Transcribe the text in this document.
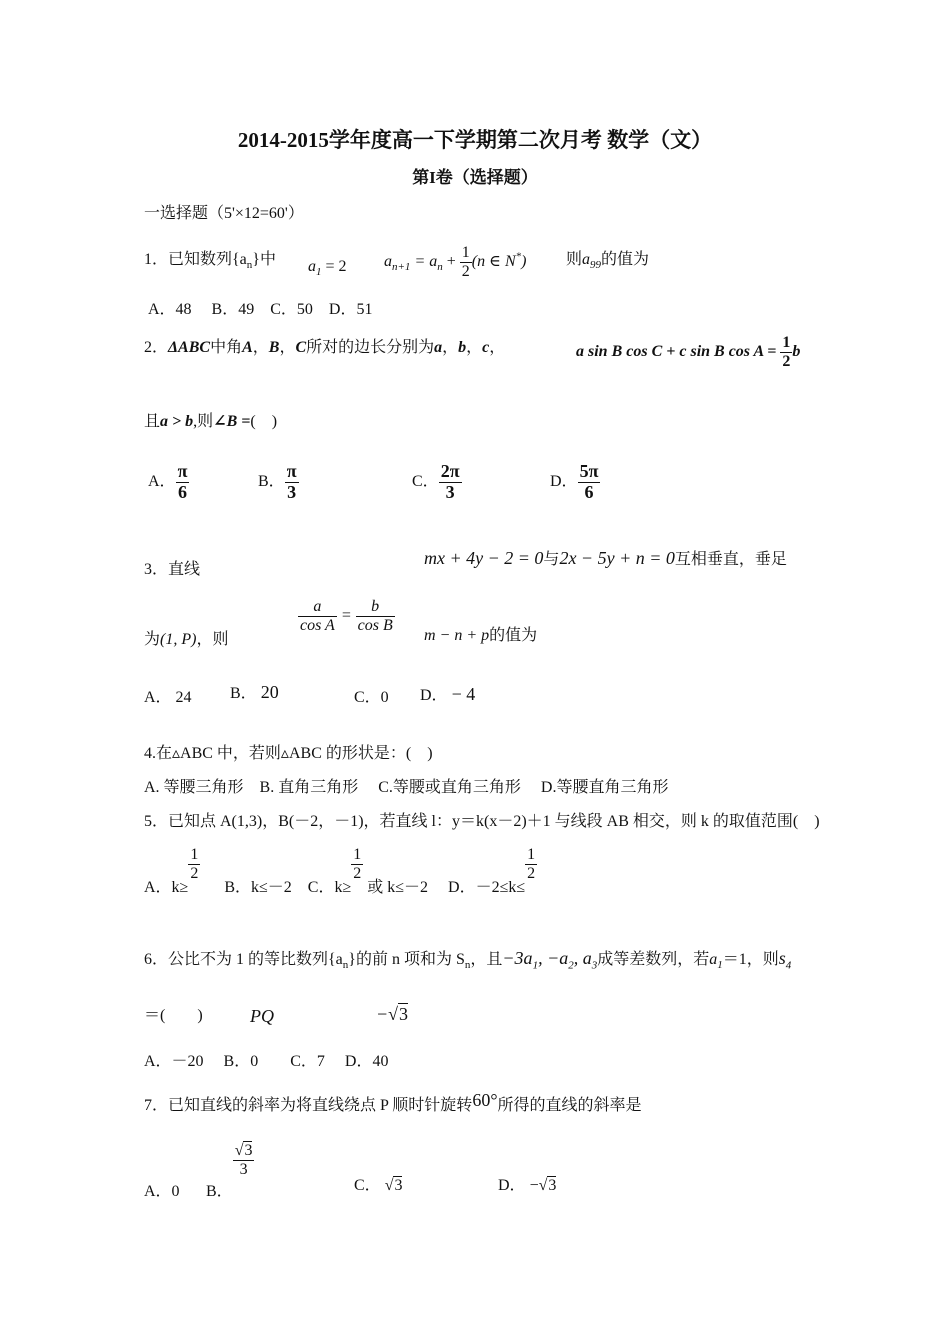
2014-2015学年度高一下学期第二次月考 数学（文）
第I卷（选择题）
一选择题（5'×12=60'）
1．已知数列$\{a_n\}$中 $a_1 = 2$ $a_{n+1} = a_n + \frac{1}{2} (n$ ∈ N*) 则$a_{99}$的值为
A．48　 B．49　C．50　D．51
2．ΔABC中角A，B，C所对的边长分别为a，b，c，	a sin B cos C + c sin B $\cos A = \frac{1}{2}$ b
且a > b,则∠B =(　)
A． $\frac{\pi}{6}$	B． $\frac{\pi}{3}$	C． $\frac{2\pi}{3}$	D． $\frac{5\pi}{6}$
3．直线
mx + 4y − 2 = 0与2x − 5y + n = 0互相垂直，垂足
为(1, P)，则
$\frac{a}{\text{cos A}} = \frac{b}{\text{cos B}}$
m − n + p的值为
A． 24 B． 20	C．0 D． − 4
4.在▵ABC 中，若则▵ABC 的形状是：(　)
A. 等腰三角形　B. 直角三角形　 C.等腰或直角三角形　 D.等腰直角三角形
5．已知点 A(1,3)，B(－2，－1)，若直线 l：y＝k(x－2)＋1 与线段 AB 相交，则 k 的取值范围(　)
A．k≥
$\frac{1}{2}$
B．k≤－2　C．k≥
$\frac{1}{2}$
或 k≤－2　 D．－2≤k≤
$\frac{1}{2}$
6．公比不为 1 的等比数列$\{a_n\}$的前 n 项和为 $S_n$，且$-3a_1$, $-a_2$, $a_3$成等差数列，若$a_1=1$，则$s_4$
＝(　　)	PQ	−√3
A．－20　 B．0　　C．7　 D．40
7．已知直线的斜率为将直线绕点 P 顺时针旋转60°所得的直线的斜率是
A．0 B．
$\frac{√3}{3}$
C． √3	D． −√3
